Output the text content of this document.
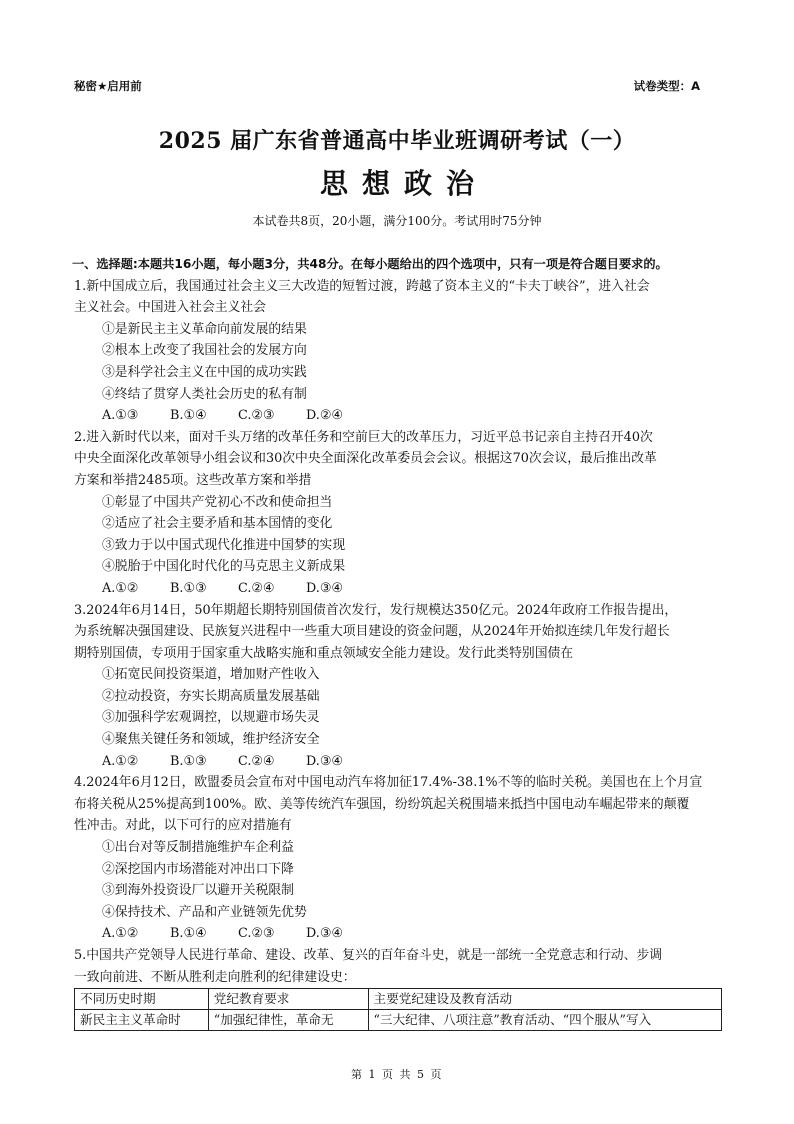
秘密★启用前	试卷类型：A
2025 届广东省普通高中毕业班调研考试（一）
思想政治
本试卷共8页，20小题，满分100分。考试用时75分钟
一、选择题:本题共16小题，每小题3分，共48分。在每小题给出的四个选项中，只有一项是符合题目要求的。

1.新中国成立后，我国通过社会主义三大改造的短暂过渡，跨越了资本主义的“卡夫丁峡谷”，进入社会

主义社会。中国进入社会主义社会

①是新民主主义革命向前发展的结果

②根本上改变了我国社会的发展方向

③是科学社会主义在中国的成功实践

④终结了贯穿人类社会历史的私有制

A.①③ B.①④ C.②③ D.②④

2.进入新时代以来，面对千头万绪的改革任务和空前巨大的改革压力，习近平总书记亲自主持召开40次

中央全面深化改革领导小组会议和30次中央全面深化改革委员会会议。根据这70次会议，最后推出改革

方案和举措2485项。这些改革方案和举措

①彰显了中国共产党初心不改和使命担当

②适应了社会主要矛盾和基本国情的变化

③致力于以中国式现代化推进中国梦的实现

④脱胎于中国化时代化的马克思主义新成果

A.①② B.①③ C.②④ D.③④

3.2024年6月14日，50年期超长期特别国债首次发行，发行规模达350亿元。2024年政府工作报告提出，

为系统解决强国建设、民族复兴进程中一些重大项目建设的资金问题，从2024年开始拟连续几年发行超长

期特别国债，专项用于国家重大战略实施和重点领域安全能力建设。发行此类特别国债在

①拓宽民间投资渠道，增加财产性收入

②拉动投资，夯实长期高质量发展基础

③加强科学宏观调控，以规避市场失灵

④聚焦关键任务和领域，维护经济安全

A.①② B.①③ C.②④ D.③④

4.2024年6月12日，欧盟委员会宣布对中国电动汽车将加征17.4%-38.1%不等的临时关税。美国也在上个月宣

布将关税从25%提高到100%。欧、美等传统汽车强国，纷纷筑起关税围墙来抵挡中国电动车崛起带来的颠覆

性冲击。对此，以下可行的应对措施有

①出台对等反制措施维护车企利益

②深挖国内市场潜能对冲出口下降

③到海外投资设厂以避开关税限制

④保持技术、产品和产业链领先优势

A.①② B.①④ C.②③ D.③④

5.中国共产党领导人民进行革命、建设、改革、复兴的百年奋斗史，就是一部统一全党意志和行动、步调

一致向前进、不断从胜利走向胜利的纪律建设史：

不同历史时期	党纪教育要求	主要党纪建设及教育活动
新民主主义革命时	“加强纪律性，革命无	“三大纪律、八项注意”教育活动、“四个服从”写入
第 1 页 共 5 页
